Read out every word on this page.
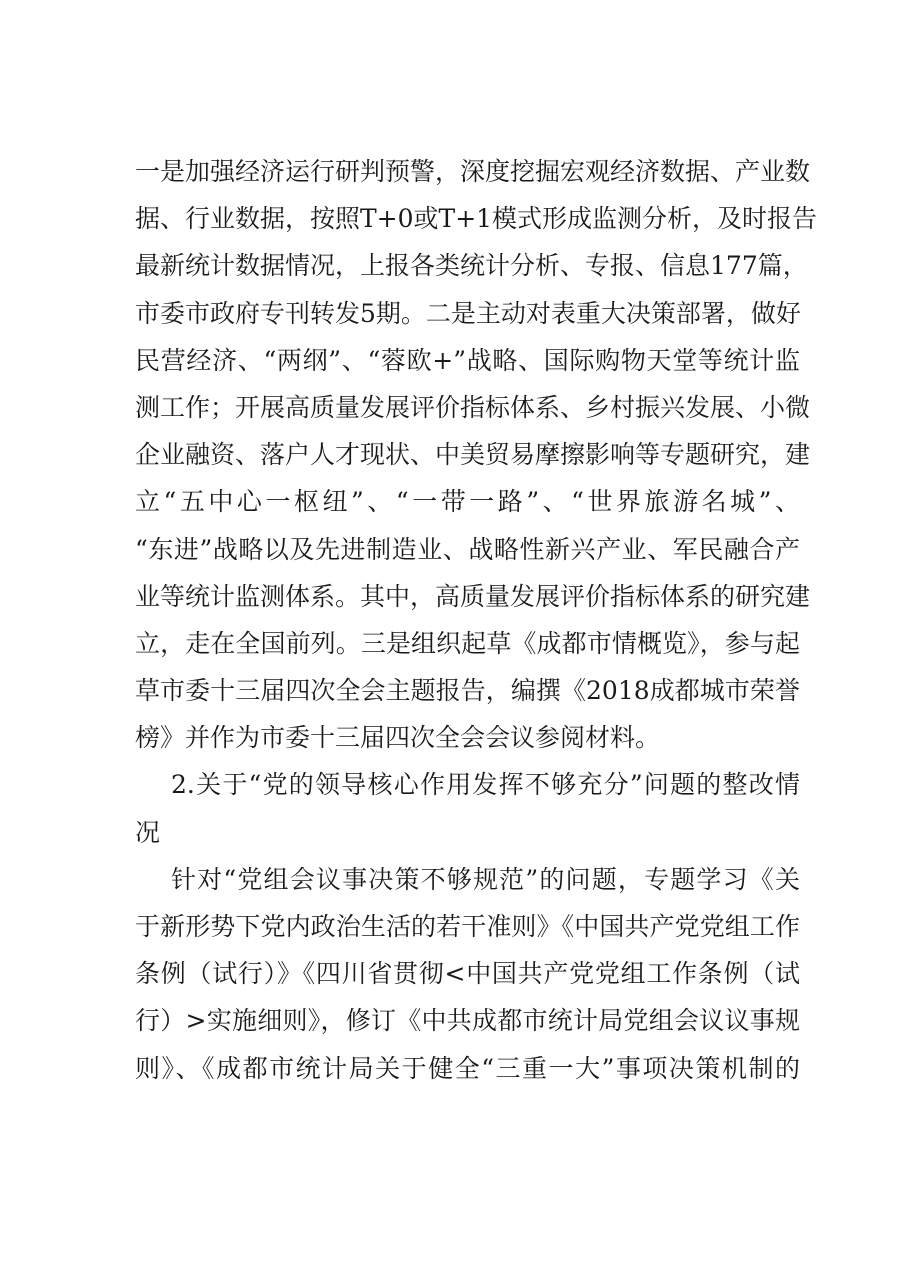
一是加强经济运行研判预警，深度挖掘宏观经济数据、产业数
据、行业数据，按照T+0或T+1模式形成监测分析，及时报告
最新统计数据情况，上报各类统计分析、专报、信息177篇，
市委市政府专刊转发5期。二是主动对表重大决策部署，做好
民营经济、“两纲”、“蓉欧+”战略、国际购物天堂等统计监
测工作；开展高质量发展评价指标体系、乡村振兴发展、小微
企业融资、落户人才现状、中美贸易摩擦影响等专题研究，建
立“五中心一枢纽”、“一带一路”、“世界旅游名城”、
“东进”战略以及先进制造业、战略性新兴产业、军民融合产
业等统计监测体系。其中，高质量发展评价指标体系的研究建
立，走在全国前列。三是组织起草《成都市情概览》，参与起
草市委十三届四次全会主题报告，编撰《2018成都城市荣誉
榜》并作为市委十三届四次全会会议参阅材料。
2.关于“党的领导核心作用发挥不够充分”问题的整改情
况
针对“党组会议事决策不够规范”的问题，专题学习《关
于新形势下党内政治生活的若干准则》《中国共产党党组工作
条例（试行）》《四川省贯彻<中国共产党党组工作条例（试
行）>实施细则》，修订《中共成都市统计局党组会议议事规
则》、《成都市统计局关于健全“三重一大”事项决策机制的
